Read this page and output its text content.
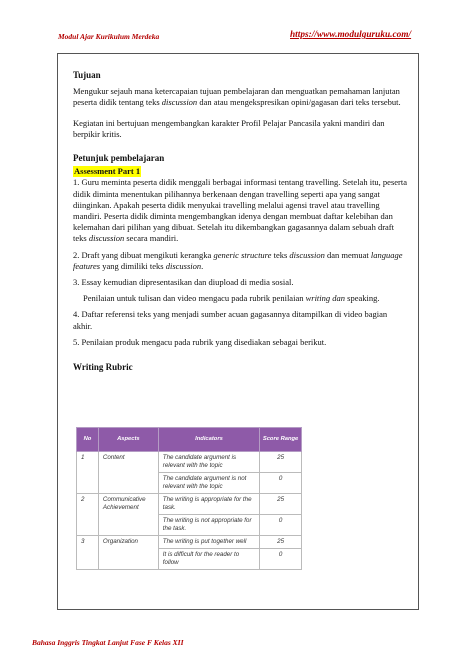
Modul Ajar Kurikulum Merdeka	https://www.modulguruku.com/
Tujuan

Mengukur sejauh mana ketercapaian tujuan pembelajaran dan menguatkan pemahaman lanjutan peserta didik tentang teks discussion dan atau mengekspresikan opini/gagasan dari teks tersebut.

Kegiatan ini bertujuan mengembangkan karakter Profil Pelajar Pancasila yakni mandiri dan berpikir kritis.

Petunjuk pembelajaran
Assessment Part 1
1. Guru meminta peserta didik menggali berbagai informasi tentang travelling. Setelah itu, peserta didik diminta menentukan pilihannya berkenaan dengan travelling seperti apa yang sangat diinginkan. Apakah peserta didik menyukai travelling melalui agensi travel atau travelling mandiri. Peserta didik diminta mengembangkan idenya dengan membuat daftar kelebihan dan kelemahan dari pilihan yang dibuat. Setelah itu dikembangkan gagasannya dalam sebuah draft teks discussion secara mandiri.
2. Draft yang dibuat mengikuti kerangka generic structure teks discussion dan memuat language features yang dimiliki teks discussion.
3. Essay kemudian dipresentasikan dan diupload di media sosial.
Penilaian untuk tulisan dan video mengacu pada rubrik penilaian writing dan speaking.
4. Daftar referensi teks yang menjadi sumber acuan gagasannya ditampilkan di video bagian akhir.
5. Penilaian produk mengacu pada rubrik yang disediakan sebagai berikut.
Writing Rubric
No	Aspects	Indicators	Score Range
1	Content	The candidate argument is relevant with the topic	25
		The candidate argument is not relevant with the topic	0
2	Communicative Achievement	The writing is appropriate for the task.	25
		The writing is not appropriate for the task.	0
3	Organization	The writing is put together well	25
		It is difficult for the reader to follow	0
Bahasa Inggris Tingkat Lanjut Fase F Kelas XII
